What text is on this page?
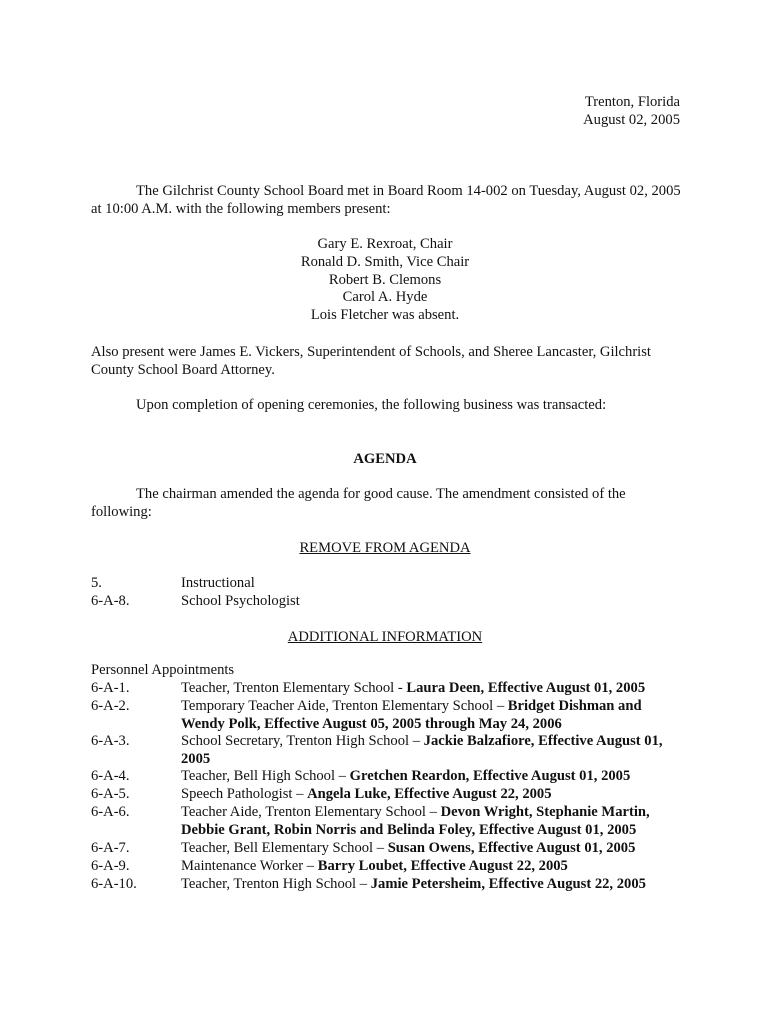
Trenton, Florida
August 02, 2005
The Gilchrist County School Board met in Board Room 14-002 on Tuesday, August 02, 2005 at 10:00 A.M. with the following members present:
Gary E. Rexroat, Chair
Ronald D. Smith, Vice Chair
Robert B. Clemons
Carol A. Hyde
Lois Fletcher was absent.
Also present were James E. Vickers, Superintendent of Schools, and Sheree Lancaster, Gilchrist County School Board Attorney.
Upon completion of opening ceremonies, the following business was transacted:
AGENDA
The chairman amended the agenda for good cause. The amendment consisted of the following:
REMOVE FROM AGENDA
5.	Instructional
6-A-8.	School Psychologist
ADDITIONAL INFORMATION
Personnel Appointments
6-A-1.	Teacher, Trenton Elementary School - Laura Deen, Effective August 01, 2005
6-A-2.	Temporary Teacher Aide, Trenton Elementary School – Bridget Dishman and Wendy Polk, Effective August 05, 2005 through May 24, 2006
6-A-3.	School Secretary, Trenton High School – Jackie Balzafiore, Effective August 01, 2005
6-A-4.	Teacher, Bell High School – Gretchen Reardon, Effective August 01, 2005
6-A-5.	Speech Pathologist – Angela Luke, Effective August 22, 2005
6-A-6.	Teacher Aide, Trenton Elementary School – Devon Wright, Stephanie Martin, Debbie Grant, Robin Norris and Belinda Foley, Effective August 01, 2005
6-A-7.	Teacher, Bell Elementary School – Susan Owens, Effective August 01, 2005
6-A-9.	Maintenance Worker – Barry Loubet, Effective August 22, 2005
6-A-10.	Teacher, Trenton High School – Jamie Petersheim, Effective August 22, 2005
